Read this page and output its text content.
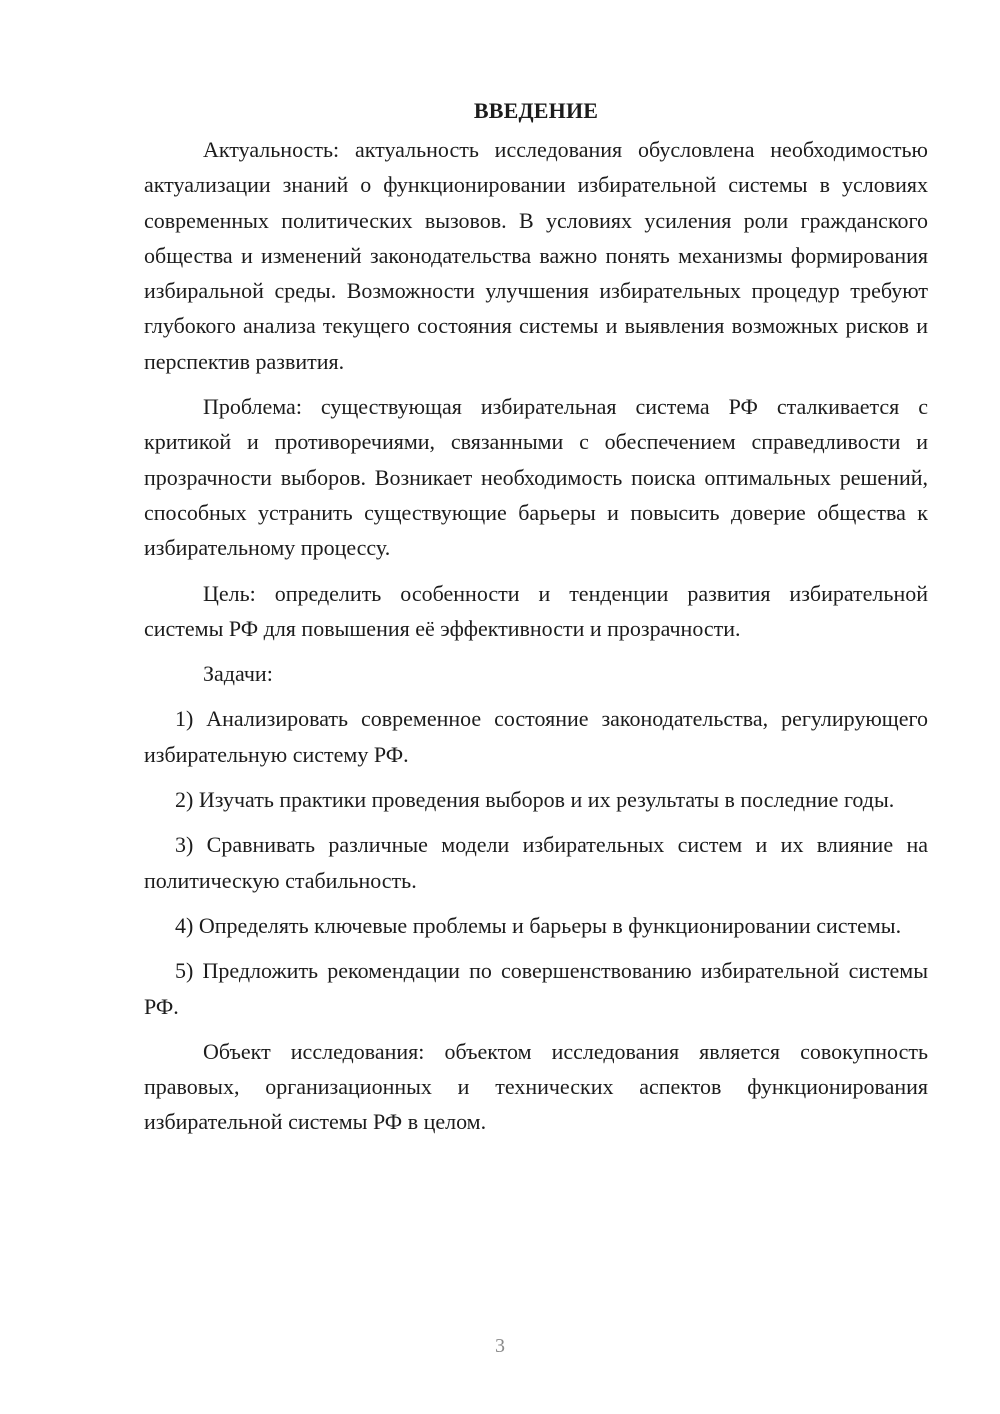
ВВЕДЕНИЕ

Актуальность: актуальность исследования обусловлена необходимостью актуализации знаний о функционировании избирательной системы в условиях современных политических вызовов. В условиях усиления роли гражданского общества и изменений законодательства важно понять механизмы формирования избиральной среды. Возможности улучшения избирательных процедур требуют глубокого анализа текущего состояния системы и выявления возможных рисков и перспектив развития.

Проблема: существующая избирательная система РФ сталкивается с критикой и противоречиями, связанными с обеспечением справедливости и прозрачности выборов. Возникает необходимость поиска оптимальных решений, способных устранить существующие барьеры и повысить доверие общества к избирательному процессу.

Цель: определить особенности и тенденции развития избирательной системы РФ для повышения её эффективности и прозрачности.

Задачи:

1) Анализировать современное состояние законодательства, регулирующего избирательную систему РФ.

2) Изучать практики проведения выборов и их результаты в последние годы.

3) Сравнивать различные модели избирательных систем и их влияние на политическую стабильность.

4) Определять ключевые проблемы и барьеры в функционировании системы.

5) Предложить рекомендации по совершенствованию избирательной системы РФ.

Объект исследования: объектом исследования является совокупность правовых, организационных и технических аспектов функционирования избирательной системы РФ в целом.

3
